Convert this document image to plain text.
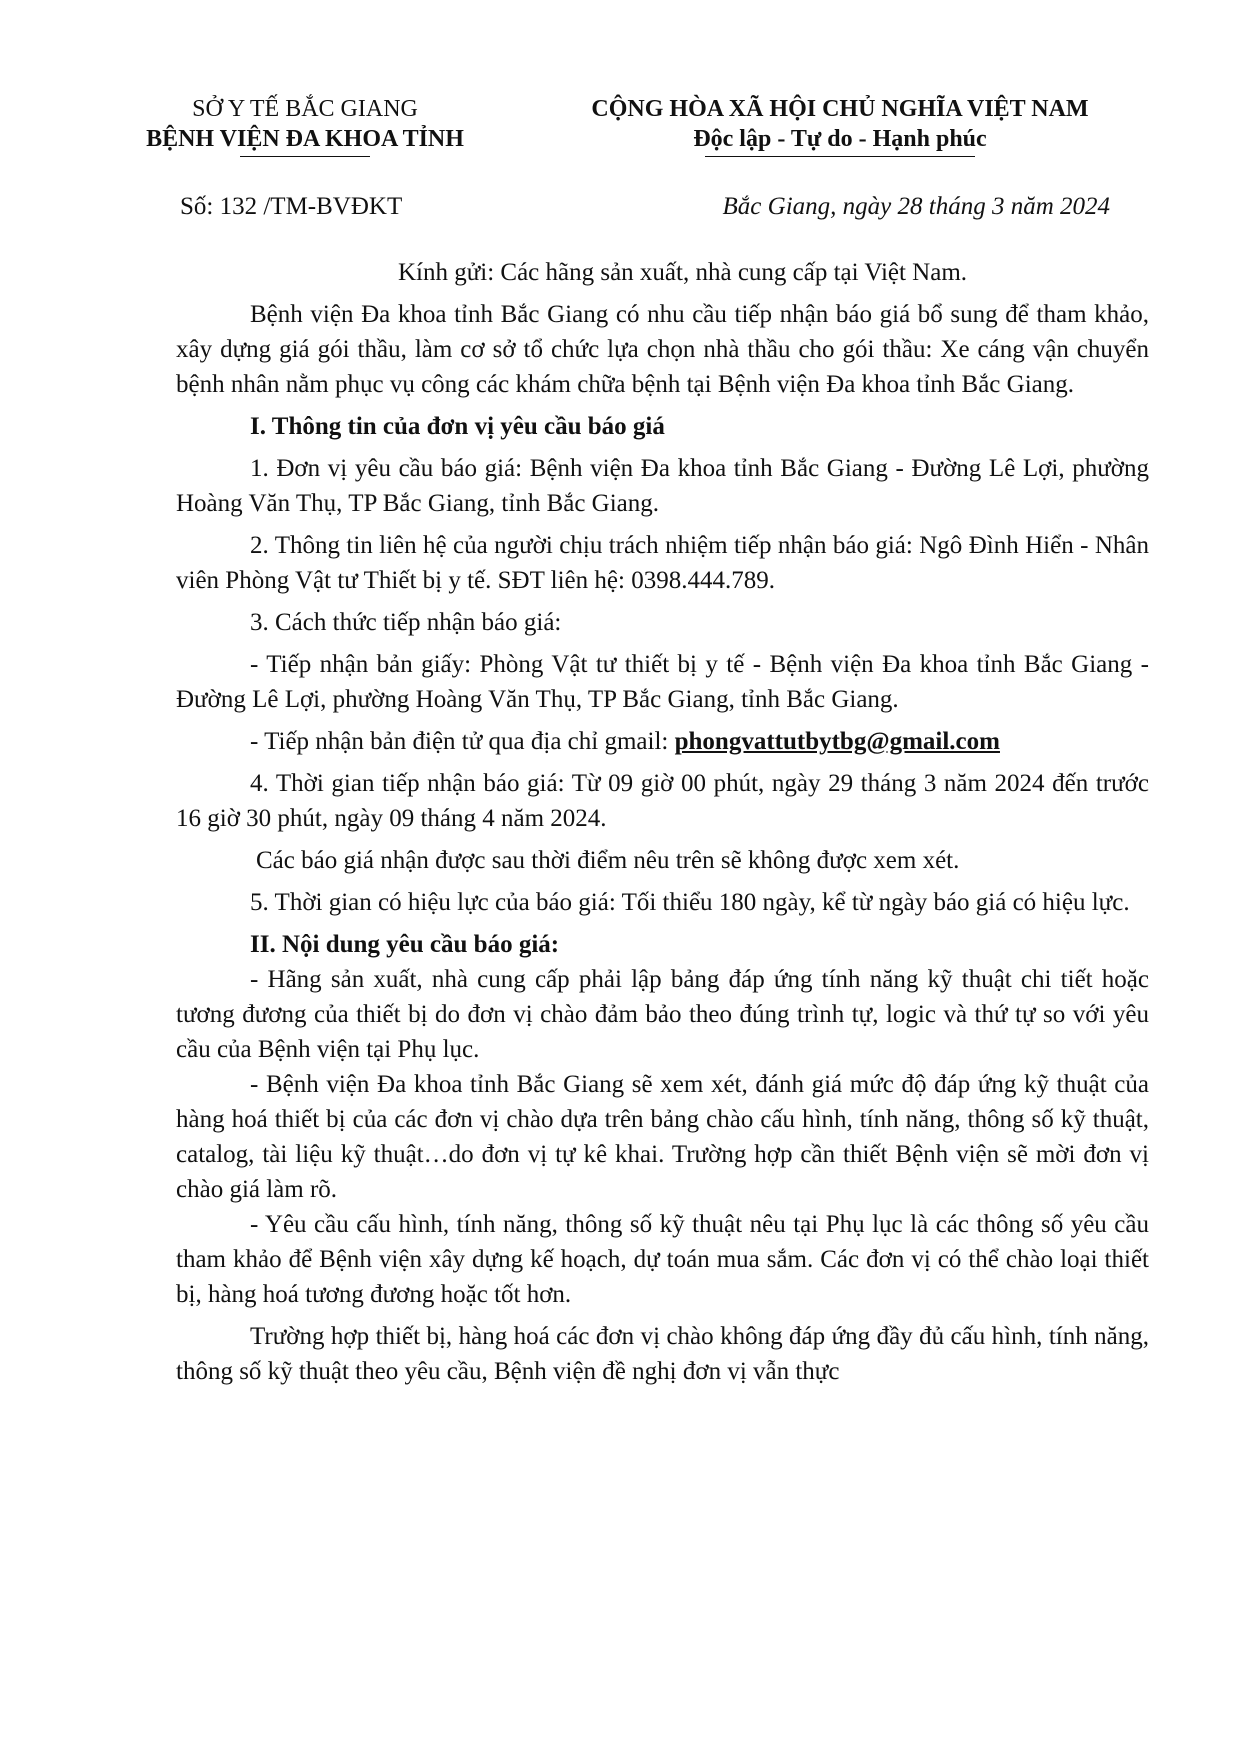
SỞ Y TẾ BẮC GIANG
BỆNH VIỆN ĐA KHOA TỈNH
CỘNG HÒA XÃ HỘI CHỦ NGHĨA VIỆT NAM
Độc lập - Tự do - Hạnh phúc
Số: 132 /TM-BVĐKT	Bắc Giang, ngày 28 tháng 3 năm 2024
Kính gửi: Các hãng sản xuất, nhà cung cấp tại Việt Nam.

Bệnh viện Đa khoa tỉnh Bắc Giang có nhu cầu tiếp nhận báo giá bổ sung để tham khảo, xây dựng giá gói thầu, làm cơ sở tổ chức lựa chọn nhà thầu cho gói thầu: Xe cáng vận chuyển bệnh nhân nằm phục vụ công các khám chữa bệnh tại Bệnh viện Đa khoa tỉnh Bắc Giang.

I. Thông tin của đơn vị yêu cầu báo giá

1. Đơn vị yêu cầu báo giá: Bệnh viện Đa khoa tỉnh Bắc Giang - Đường Lê Lợi, phường Hoàng Văn Thụ, TP Bắc Giang, tỉnh Bắc Giang.

2. Thông tin liên hệ của người chịu trách nhiệm tiếp nhận báo giá: Ngô Đình Hiển - Nhân viên Phòng Vật tư Thiết bị y tế. SĐT liên hệ: 0398.444.789.

3. Cách thức tiếp nhận báo giá:

- Tiếp nhận bản giấy: Phòng Vật tư thiết bị y tế - Bệnh viện Đa khoa tỉnh Bắc Giang - Đường Lê Lợi, phường Hoàng Văn Thụ, TP Bắc Giang, tỉnh Bắc Giang.

- Tiếp nhận bản điện tử qua địa chỉ gmail: phongvattutbytbg@gmail.com

4. Thời gian tiếp nhận báo giá: Từ 09 giờ 00 phút, ngày 29 tháng 3 năm 2024 đến trước 16 giờ 30 phút, ngày 09 tháng 4 năm 2024.

Các báo giá nhận được sau thời điểm nêu trên sẽ không được xem xét.

5. Thời gian có hiệu lực của báo giá: Tối thiểu 180 ngày, kể từ ngày báo giá có hiệu lực.

II. Nội dung yêu cầu báo giá:

- Hãng sản xuất, nhà cung cấp phải lập bảng đáp ứng tính năng kỹ thuật chi tiết hoặc tương đương của thiết bị do đơn vị chào đảm bảo theo đúng trình tự, logic và thứ tự so với yêu cầu của Bệnh viện tại Phụ lục.

- Bệnh viện Đa khoa tỉnh Bắc Giang sẽ xem xét, đánh giá mức độ đáp ứng kỹ thuật của hàng hoá thiết bị của các đơn vị chào dựa trên bảng chào cấu hình, tính năng, thông số kỹ thuật, catalog, tài liệu kỹ thuật…do đơn vị tự kê khai. Trường hợp cần thiết Bệnh viện sẽ mời đơn vị chào giá làm rõ.

- Yêu cầu cấu hình, tính năng, thông số kỹ thuật nêu tại Phụ lục là các thông số yêu cầu tham khảo để Bệnh viện xây dựng kế hoạch, dự toán mua sắm. Các đơn vị có thể chào loại thiết bị, hàng hoá tương đương hoặc tốt hơn.

Trường hợp thiết bị, hàng hoá các đơn vị chào không đáp ứng đầy đủ cấu hình, tính năng, thông số kỹ thuật theo yêu cầu, Bệnh viện đề nghị đơn vị vẫn thực
